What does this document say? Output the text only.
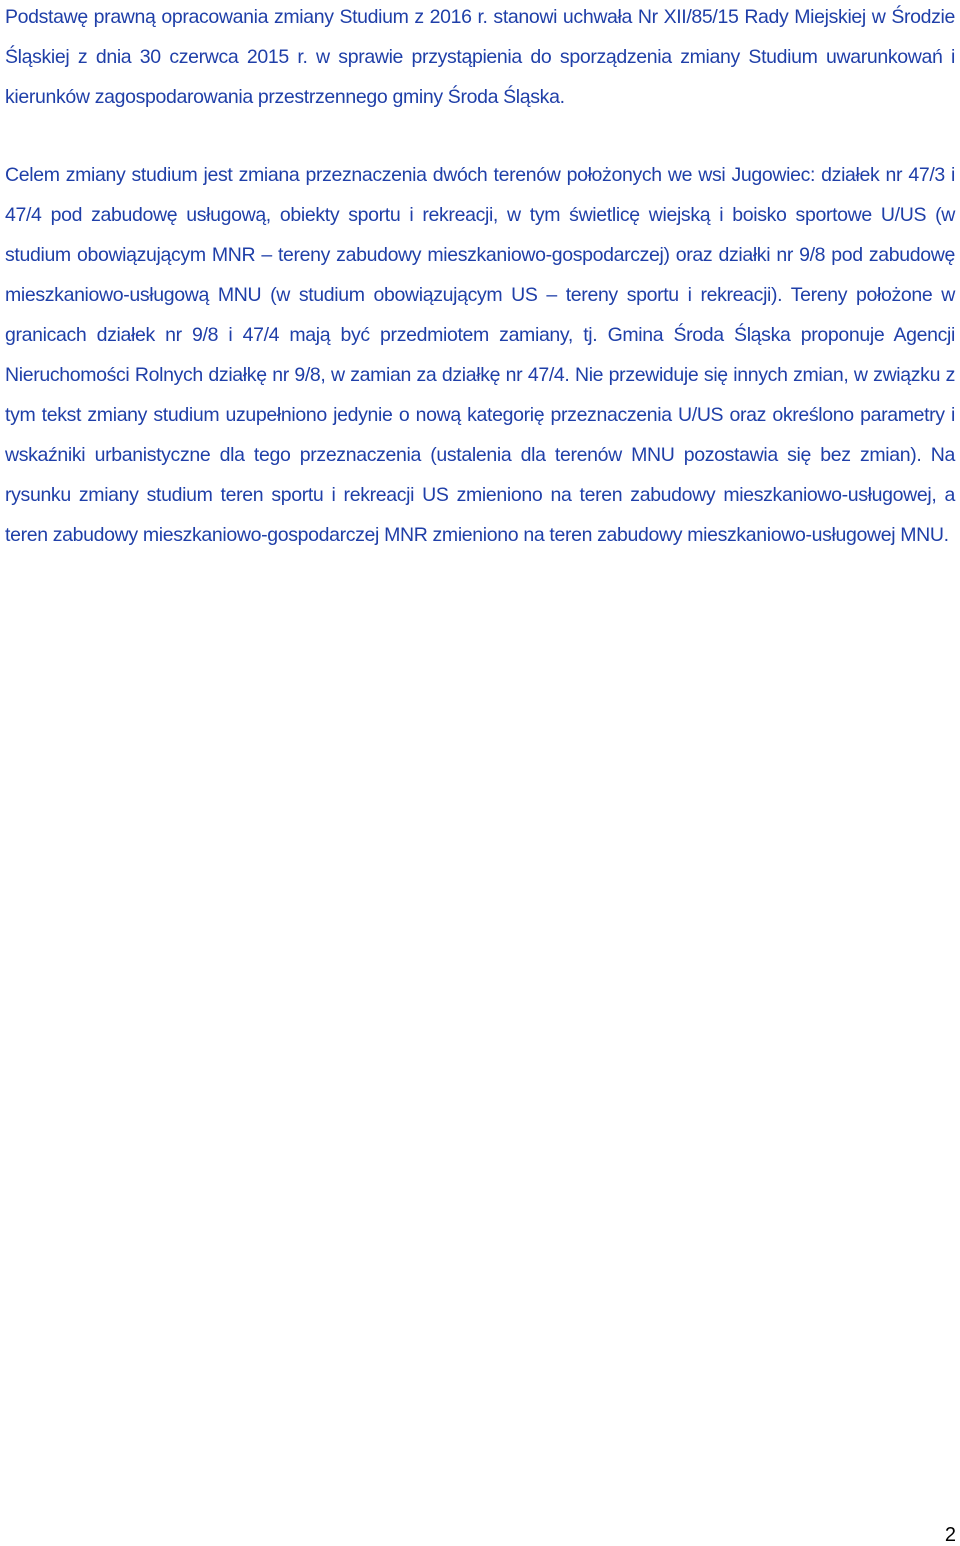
Podstawę prawną opracowania zmiany Studium z 2016 r. stanowi uchwała Nr XII/85/15 Rady Miejskiej w Środzie Śląskiej z dnia 30 czerwca 2015 r. w sprawie przystąpienia do sporządzenia zmiany Studium uwarunkowań i kierunków zagospodarowania przestrzennego gminy Środa Śląska.

Celem zmiany studium jest zmiana przeznaczenia dwóch terenów położonych we wsi Jugowiec: działek nr 47/3 i 47/4 pod zabudowę usługową, obiekty sportu i rekreacji, w tym świetlicę wiejską i boisko sportowe U/US (w studium obowiązującym MNR – tereny zabudowy mieszkaniowo-gospodarczej) oraz działki nr 9/8 pod zabudowę mieszkaniowo-usługową MNU (w studium obowiązującym US – tereny sportu i rekreacji). Tereny położone w granicach działek nr 9/8 i 47/4 mają być przedmiotem zamiany, tj. Gmina Środa Śląska proponuje Agencji Nieruchomości Rolnych działkę nr 9/8, w zamian za działkę nr 47/4. Nie przewiduje się innych zmian, w związku z tym tekst zmiany studium uzupełniono jedynie o nową kategorię przeznaczenia U/US oraz określono parametry i wskaźniki urbanistyczne dla tego przeznaczenia (ustalenia dla terenów MNU pozostawia się bez zmian). Na rysunku zmiany studium teren sportu i rekreacji US zmieniono na teren zabudowy mieszkaniowo-usługowej, a teren zabudowy mieszkaniowo-gospodarczej MNR zmieniono na teren zabudowy mieszkaniowo-usługowej MNU.

2
